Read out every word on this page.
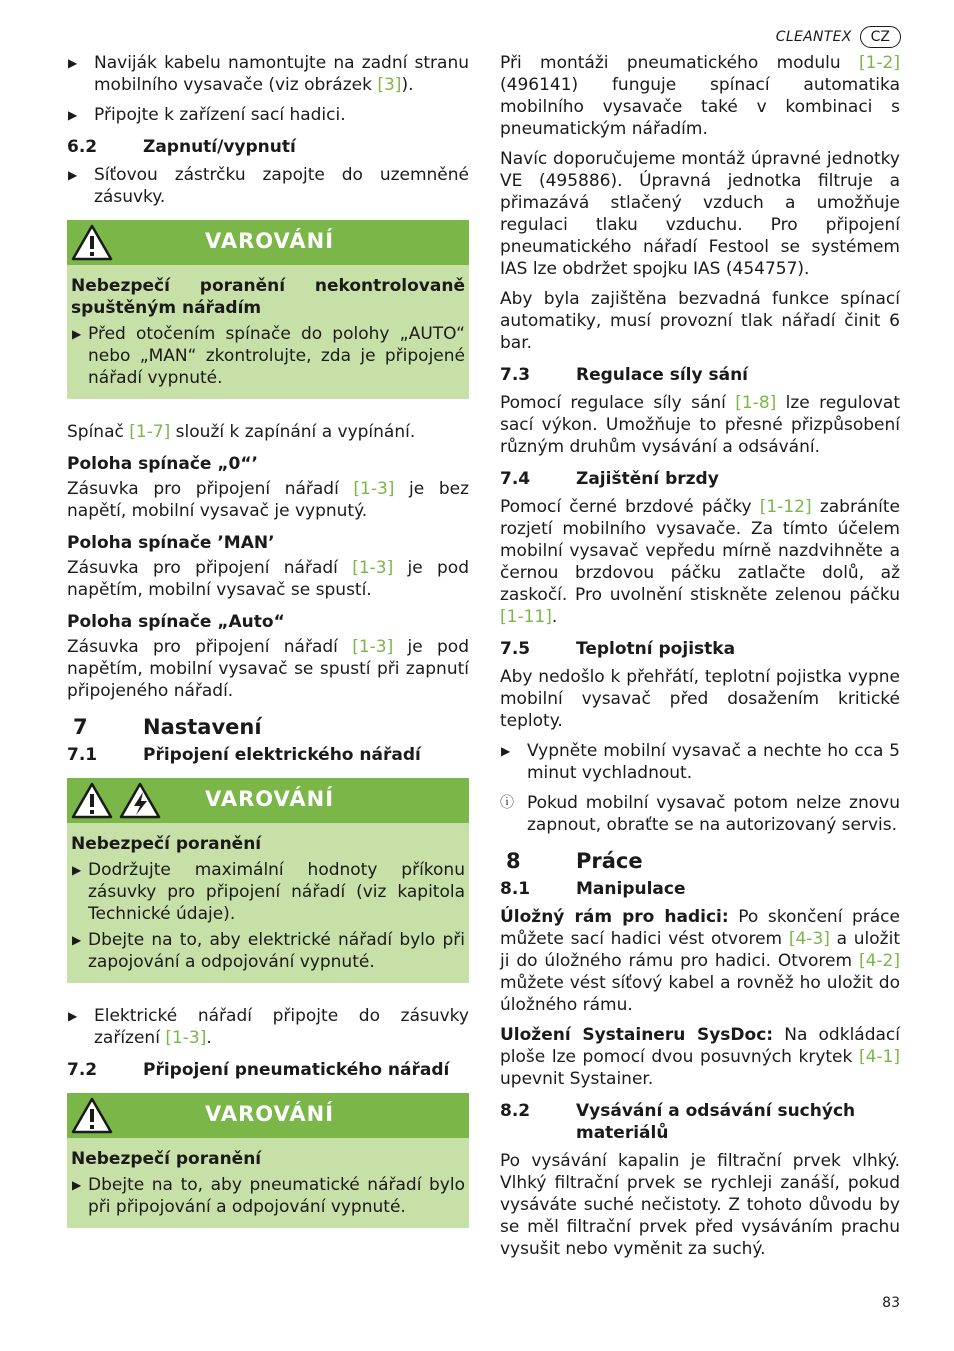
CLEANTEX	CZ
▶ Naviják kabelu namontujte na zadní stranu mobilního vysavače (viz obrázek [3]).
▶ Připojte k zařízení sací hadici.
6.2	Zapnutí/vypnutí
▶ Síťovou zástrčku zapojte do uzemněné zásuvky.
VAROVÁNÍ
Nebezpečí poranění nekontrolovaně spuštěným nářadím
▶ Před otočením spínače do polohy „AUTO“ nebo „MAN“ zkontrolujte, zda je připojené nářadí vypnuté.

Spínač [1-7] slouží k zapínání a vypínání.

Poloha spínače „0“’

Zásuvka pro připojení nářadí [1-3] je bez napětí, mobilní vysavač je vypnutý.

Poloha spínače ’MAN’

Zásuvka pro připojení nářadí [1-3] je pod napětím, mobilní vysavač se spustí.

Poloha spínače „Auto“

Zásuvka pro připojení nářadí [1-3] je pod napětím, mobilní vysavač se spustí při zapnutí připojeného nářadí.

7	Nastavení
7.1	Připojení elektrického nářadí
VAROVÁNÍ
Nebezpečí poranění
▶ Dodržujte maximální hodnoty příkonu zásuvky pro připojení nářadí (viz kapitola Technické údaje).
▶ Dbejte na to, aby elektrické nářadí bylo při zapojování a odpojování vypnuté.
▶ Elektrické nářadí připojte do zásuvky zařízení [1-3].
7.2	Připojení pneumatického nářadí
VAROVÁNÍ
Nebezpečí poranění
▶ Dbejte na to, aby pneumatické nářadí bylo při připojování a odpojování vypnuté.

Při montáži pneumatického modulu [1-2] (496141) funguje spínací automatika mobilního vysavače také v kombinaci s pneumatickým nářadím.

Navíc doporučujeme montáž úpravné jednotky VE (495886). Úpravná jednotka filtruje a přimazává stlačený vzduch a umožňuje regulaci tlaku vzduchu. Pro připojení pneumatického nářadí Festool se systémem IAS lze obdržet spojku IAS (454757).

Aby byla zajištěna bezvadná funkce spínací automatiky, musí provozní tlak nářadí činit 6 bar.

7.3	Regulace síly sání

Pomocí regulace síly sání [1-8] lze regulovat sací výkon. Umožňuje to přesné přizpůsobení různým druhům vysávání a odsávání.

7.4	Zajištění brzdy

Pomocí černé brzdové páčky [1-12] zabráníte rozjetí mobilního vysavače. Za tímto účelem mobilní vysavač vepředu mírně nazdvihněte a černou brzdovou páčku zatlačte dolů, až zaskočí. Pro uvolnění stiskněte zelenou páčku [1-11].

7.5	Teplotní pojistka

Aby nedošlo k přehřátí, teplotní pojistka vypne mobilní vysavač před dosažením kritické teploty.

▶ Vypněte mobilní vysavač a nechte ho cca 5 minut vychladnout.
ⓘ Pokud mobilní vysavač potom nelze znovu zapnout, obraťte se na autorizovaný servis.
8	Práce
8.1	Manipulace

Úložný rám pro hadici: Po skončení práce můžete sací hadici vést otvorem [4-3] a uložit ji do úložného rámu pro hadici. Otvorem [4-2] můžete vést síťový kabel a rovněž ho uložit do úložného rámu.

Uložení Systaineru SysDoc: Na odkládací ploše lze pomocí dvou posuvných krytek [4-1] upevnit Systainer.

8.2	Vysávání a odsávání suchých materiálů

Po vysávání kapalin je filtrační prvek vlhký. Vlhký filtrační prvek se rychleji zanáší, pokud vysáváte suché nečistoty. Z tohoto důvodu by se měl filtrační prvek před vysáváním prachu vysušit nebo vyměnit za suchý.

83
